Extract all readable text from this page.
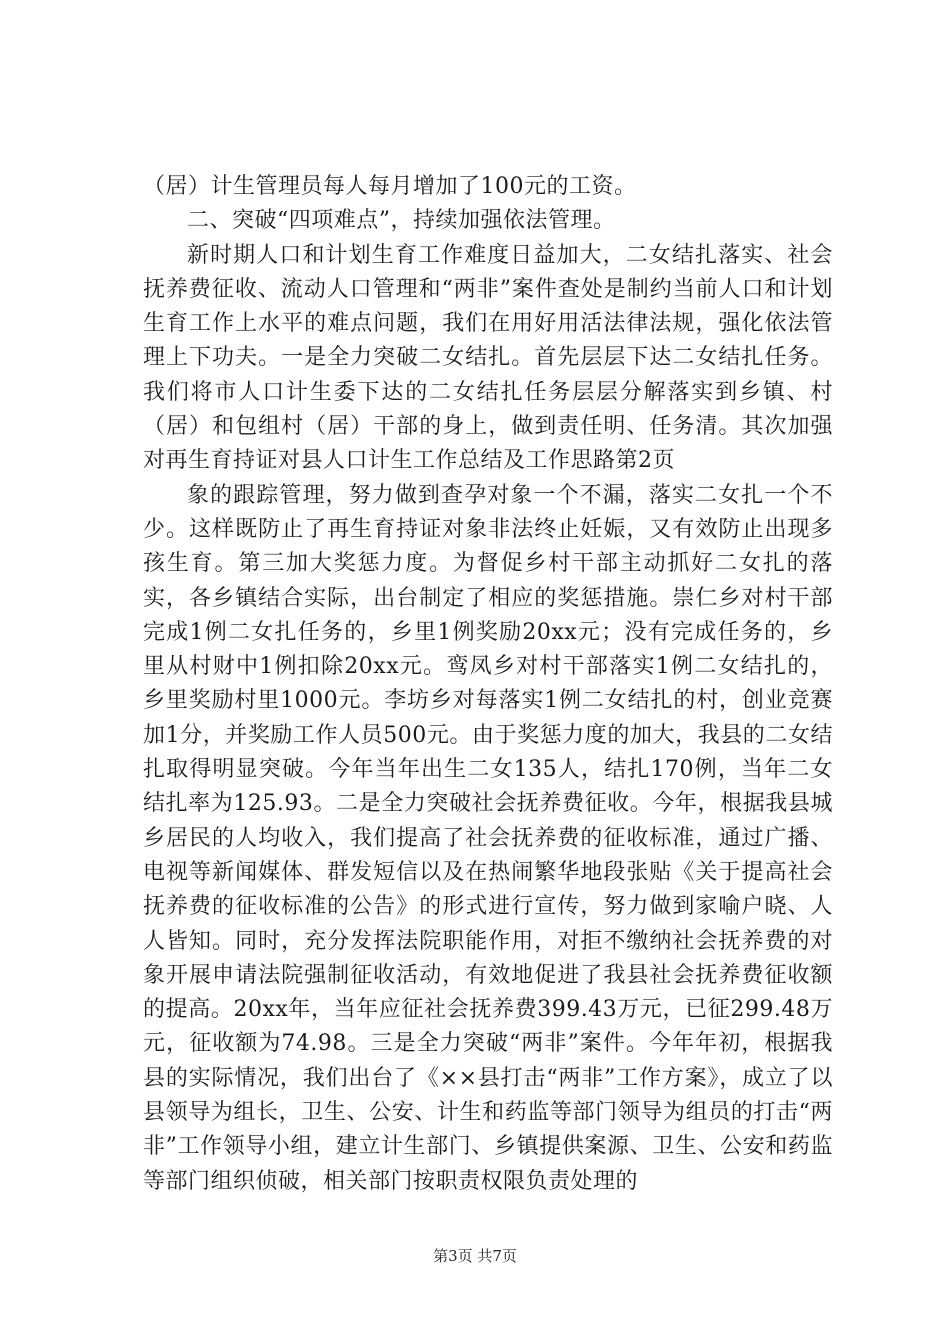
（居）计生管理员每人每月增加了100元的工资。

二、突破“四项难点”，持续加强依法管理。

新时期人口和计划生育工作难度日益加大，二女结扎落实、社会抚养费征收、流动人口管理和“两非”案件查处是制约当前人口和计划生育工作上水平的难点问题，我们在用好用活法律法规，强化依法管理上下功夫。一是全力突破二女结扎。首先层层下达二女结扎任务。我们将市人口计生委下达的二女结扎任务层层分解落实到乡镇、村（居）和包组村（居）干部的身上，做到责任明、任务清。其次加强对再生育持证对县人口计生工作总结及工作思路第2页

象的跟踪管理，努力做到查孕对象一个不漏，落实二女扎一个不少。这样既防止了再生育持证对象非法终止妊娠，又有效防止出现多孩生育。第三加大奖惩力度。为督促乡村干部主动抓好二女扎的落实，各乡镇结合实际，出台制定了相应的奖惩措施。崇仁乡对村干部完成1例二女扎任务的，乡里1例奖励20xx元；没有完成任务的，乡里从村财中1例扣除20xx元。鸾凤乡对村干部落实1例二女结扎的，乡里奖励村里1000元。李坊乡对每落实1例二女结扎的村，创业竞赛加1分，并奖励工作人员500元。由于奖惩力度的加大，我县的二女结扎取得明显突破。今年当年出生二女135人，结扎170例，当年二女结扎率为125.93。二是全力突破社会抚养费征收。今年，根据我县城乡居民的人均收入，我们提高了社会抚养费的征收标准，通过广播、电视等新闻媒体、群发短信以及在热闹繁华地段张贴《关于提高社会抚养费的征收标准的公告》的形式进行宣传，努力做到家喻户晓、人人皆知。同时，充分发挥法院职能作用，对拒不缴纳社会抚养费的对象开展申请法院强制征收活动，有效地促进了我县社会抚养费征收额的提高。20xx年，当年应征社会抚养费399.43万元，已征299.48万元，征收额为74.98。三是全力突破“两非”案件。今年年初，根据我县的实际情况，我们出台了《××县打击“两非”工作方案》，成立了以县领导为组长，卫生、公安、计生和药监等部门领导为组员的打击“两非”工作领导小组，建立计生部门、乡镇提供案源、卫生、公安和药监等部门组织侦破，相关部门按职责权限负责处理的

第3页 共7页
